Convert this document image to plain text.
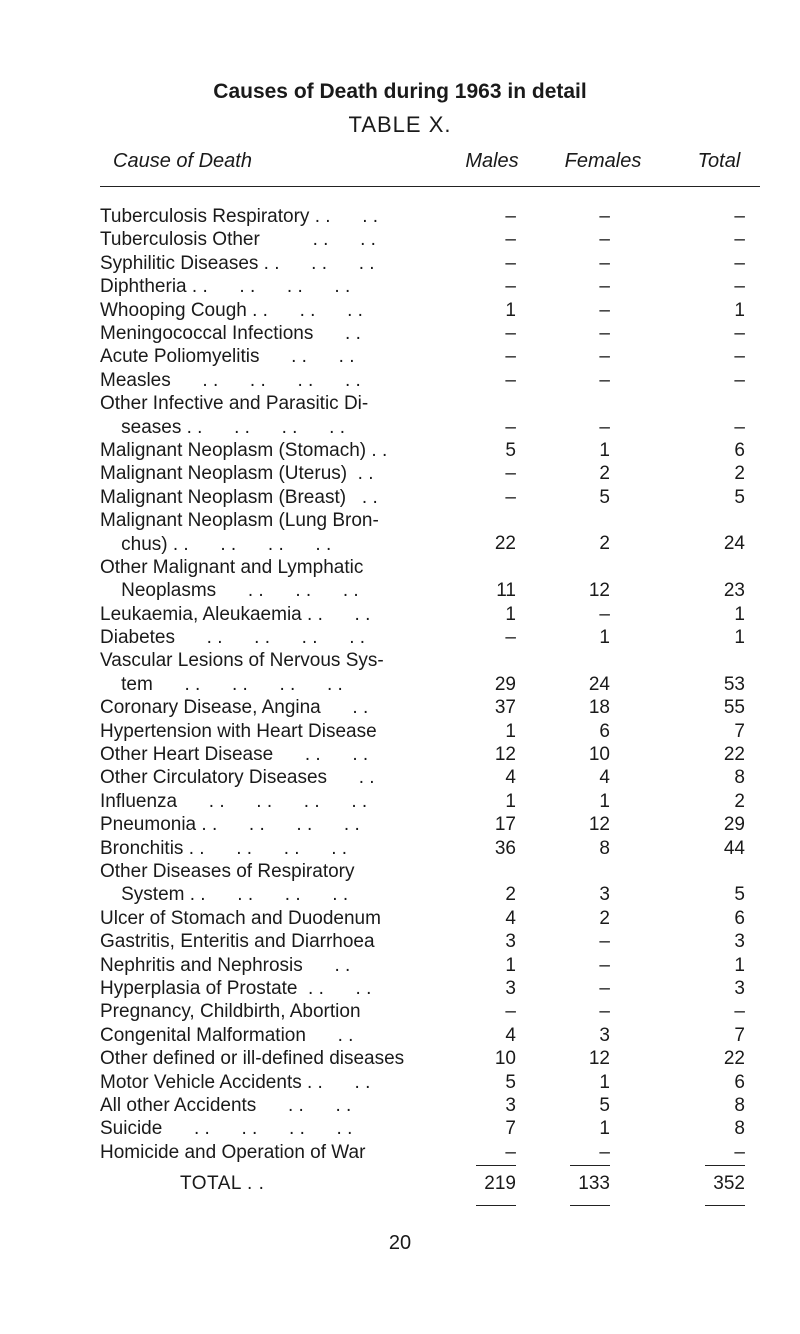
Causes of Death during 1963 in detail
TABLE X.
Cause of Death	Males	Females	Total
Tuberculosis Respiratory . .      . .	–	–	–
Tuberculosis Other          . .      . .	–	–	–
Syphilitic Diseases . .      . .      . .	–	–	–
Diphtheria . .      . .      . .      . .	–	–	–
Whooping Cough . .      . .      . .	1	–	1
Meningococcal Infections      . .	–	–	–
Acute Poliomyelitis      . .      . .	–	–	–
Measles      . .      . .      . .      . .	–	–	–
Other Infective and Parasitic Di-
seases . .      . .      . .      . .	–	–	–
Malignant Neoplasm (Stomach) . .	5	1	6
Malignant Neoplasm (Uterus)  . .	–	2	2
Malignant Neoplasm (Breast)   . .	–	5	5
Malignant Neoplasm (Lung Bron-
chus) . .      . .      . .      . .	22	2	24
Other Malignant and Lymphatic
Neoplasms      . .      . .      . .	11	12	23
Leukaemia, Aleukaemia . .      . .	1	–	1
Diabetes      . .      . .      . .      . .	–	1	1
Vascular Lesions of Nervous Sys-
tem      . .      . .      . .      . .	29	24	53
Coronary Disease, Angina      . .	37	18	55
Hypertension with Heart Disease	1	6	7
Other Heart Disease      . .      . .	12	10	22
Other Circulatory Diseases      . .	4	4	8
Influenza      . .      . .      . .      . .	1	1	2
Pneumonia . .      . .      . .      . .	17	12	29
Bronchitis . .      . .      . .      . .	36	8	44
Other Diseases of Respiratory
System . .      . .      . .      . .	2	3	5
Ulcer of Stomach and Duodenum	4	2	6
Gastritis, Enteritis and Diarrhoea	3	–	3
Nephritis and Nephrosis      . .	1	–	1
Hyperplasia of Prostate  . .      . .	3	–	3
Pregnancy, Childbirth, Abortion	–	–	–
Congenital Malformation      . .	4	3	7
Other defined or ill-defined diseases	10	12	22
Motor Vehicle Accidents . .      . .	5	1	6
All other Accidents      . .      . .	3	5	8
Suicide      . .      . .      . .      . .	7	1	8
Homicide and Operation of War	–	–	–
TOTAL . .	219	133	352
20
